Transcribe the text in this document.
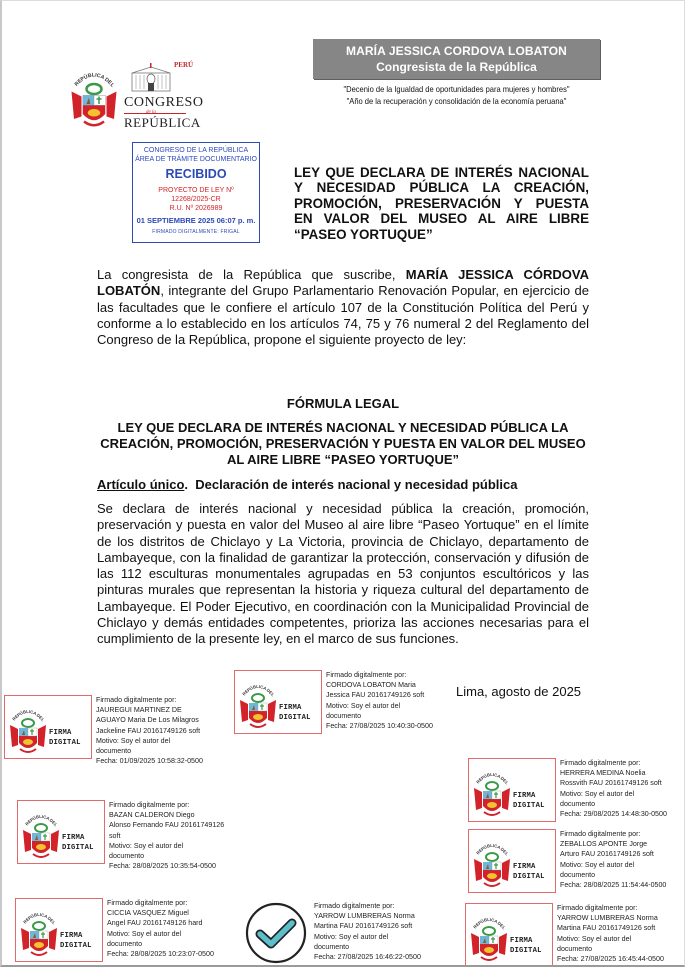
PERÚ
CONGRESO
de la
REPÚBLICA
MARÍA JESSICA CORDOVA LOBATON
Congresista de la República
"Decenio de la Igualdad de oportunidades para mujeres y hombres"
"Año de la recuperación y consolidación de la economía peruana"
CONGRESO DE LA REPÚBLICA
ÁREA DE TRÁMITE DOCUMENTARIO
RECIBIDO
PROYECTO DE LEY Nº
12268/2025-CR
R.U. Nº 2026989
01 SEPTIEMBRE 2025 06:07 p. m.
FIRMADO DIGITALMENTE: FRIGAL
LEY QUE DECLARA DE INTERÉS NACIONAL
Y NECESIDAD PÚBLICA LA CREACIÓN,
PROMOCIÓN, PRESERVACIÓN Y PUESTA
EN VALOR DEL MUSEO AL AIRE LIBRE
“PASEO YORTUQUE”
La congresista de la República que suscribe, MARÍA JESSICA CÓRDOVA LOBATÓN, integrante del Grupo Parlamentario Renovación Popular, en ejercicio de las facultades que le confiere el artículo 107 de la Constitución Política del Perú y conforme a lo establecido en los artículos 74, 75 y 76 numeral 2 del Reglamento del Congreso de la República, propone el siguiente proyecto de ley:
FÓRMULA LEGAL
LEY QUE DECLARA DE INTERÉS NACIONAL Y NECESIDAD PÚBLICA LA CREACIÓN, PROMOCIÓN, PRESERVACIÓN Y PUESTA EN VALOR DEL MUSEO AL AIRE LIBRE “PASEO YORTUQUE”
Artículo único.  Declaración de interés nacional y necesidad pública
Se declara de interés nacional y necesidad pública la creación, promoción, preservación y puesta en valor del Museo al aire libre “Paseo Yortuque” en el límite de los distritos de Chiclayo y La Victoria, provincia de Chiclayo, departamento de Lambayeque, con la finalidad de garantizar la protección, conservación y difusión de las 112 esculturas monumentales agrupadas en 53 conjuntos escultóricos y las pinturas murales que representan la historia y riqueza cultural del departamento de Lambayeque. El Poder Ejecutivo, en coordinación con la Municipalidad Provincial de Chiclayo y demás entidades competentes, prioriza las acciones necesarias para el cumplimiento de la presente ley, en el marco de sus funciones.
Lima, agosto de 2025
FIRMA
DIGITAL
Firmado digitalmente por:
JAUREGUI MARTINEZ DE
AGUAYO Maria De Los Milagros
Jackeline FAU 20161749126 soft
Motivo: Soy el autor del
documento
Fecha: 01/09/2025 10:58:32-0500
FIRMA
DIGITAL
Firmado digitalmente por:
CORDOVA LOBATON Maria
Jessica FAU 20161749126 soft
Motivo: Soy el autor del
documento
Fecha: 27/08/2025 10:40:30-0500
FIRMA
DIGITAL
Firmado digitalmente por:
HERRERA MEDINA Noelia
Rossvith FAU 20161749126 soft
Motivo: Soy el autor del
documento
Fecha: 29/08/2025 14:48:30-0500
FIRMA
DIGITAL
Firmado digitalmente por:
BAZAN CALDERON Diego
Alonso Fernando FAU 20161749126
soft
Motivo: Soy el autor del
documento
Fecha: 28/08/2025 10:35:54-0500	FIRMA
DIGITAL
Firmado digitalmente por:
ZEBALLOS APONTE Jorge
Arturo FAU 20161749126 soft
Motivo: Soy el autor del
documento
Fecha: 28/08/2025 11:54:44-0500
FIRMA
DIGITAL
Firmado digitalmente por:
CICCIA VASQUEZ Miguel
Angel FAU 20161749126 hard
Motivo: Soy el autor del
documento
Fecha: 28/08/2025 10:23:07-0500
Firmado digitalmente por:
YARROW LUMBRERAS Norma
Martina FAU 20161749126 soft
Motivo: Soy el autor del
documento
Fecha: 27/08/2025 16:46:22-0500
FIRMA
DIGITAL
Firmado digitalmente por:
YARROW LUMBRERAS Norma
Martina FAU 20161749126 soft
Motivo: Soy el autor del
documento
Fecha: 27/08/2025 16:45:44-0500
